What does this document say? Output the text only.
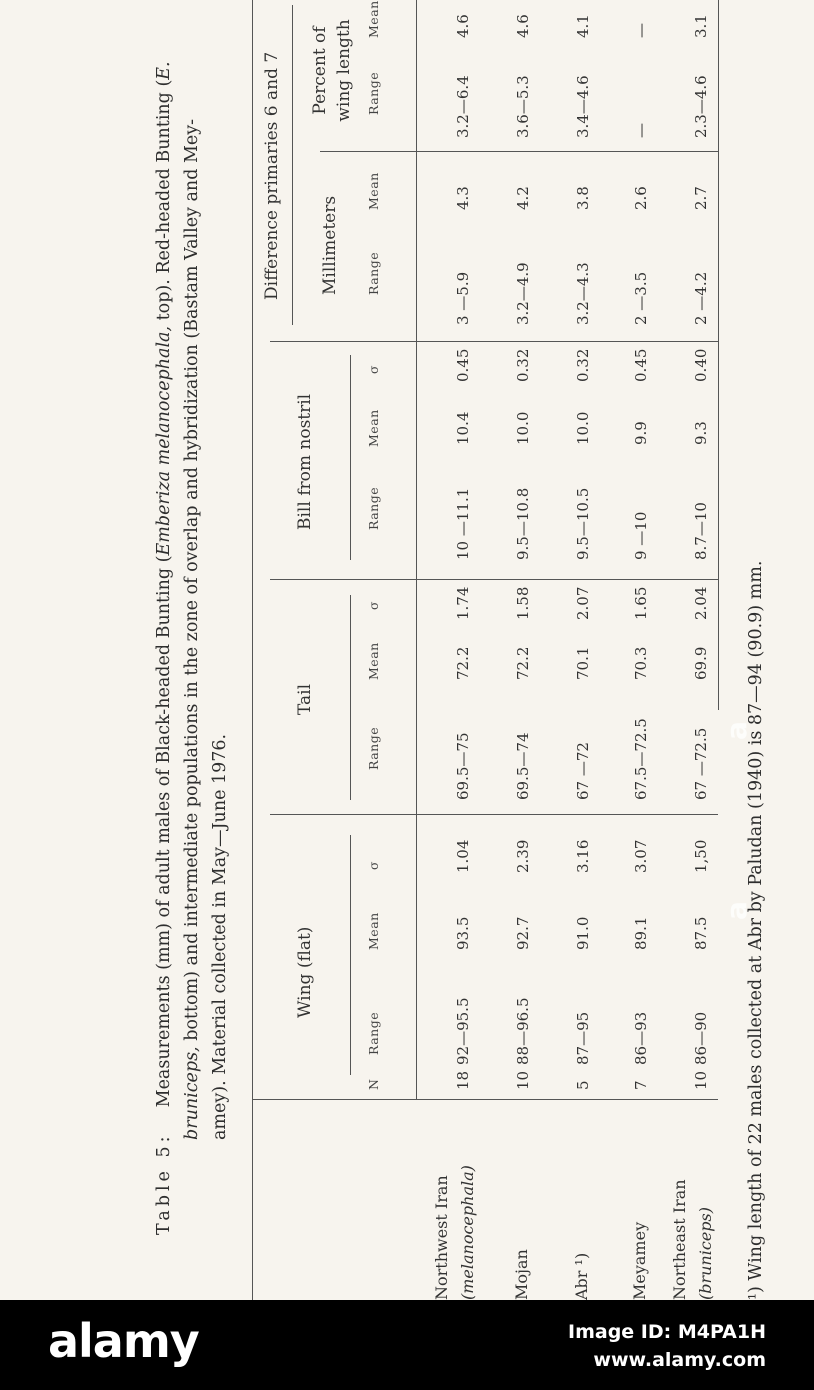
Table 5:  Measurements (mm) of adult males of Black-headed Bunting (Emberiza melanocephala, top). Red-headed Bunting (E.
bruniceps, bottom) and intermediate populations in the zone of overlap and hybridization (Bastam Valley and Mey- amey). Material collected in May—June 1976.	Wing (flat)
Tail
Bill from nostril
Difference primaries 6 and 7 Millimeters
Percent of wing length
N
Range
Mean
σ
Range
Mean
σ
Range
Mean
σ
Range
Mean
Range
Mean
Northwest Iran (melanocephala)
18
92—95.5
93.5
1.04
69.5—75
72.2
1.74
10 —11.1
10.4
0.45
3 —5.9
4.3
3.2—6.4
4.6
Mojan
10
88—96.5
92.7
2.39
69.5—74
72.2
1.58
9.5—10.8
10.0
0.32
3.2—4.9
4.2
3.6—5.3
4.6
Abr ¹)
5
87—95
91.0
3.16
67 —72
70.1
2.07
9.5—10.5
10.0
0.32
3.2—4.3
3.8
3.4—4.6
4.1
Meyamey
7
86—93
89.1
3.07
67.5—72.5
70.3
1.65
9 —10
9.9
0.45
2 —3.5
2.6
—
—
Northeast Iran (bruniceps)
10
86—90
87.5
1,50
67 —72.5
69.9
2.04
8.7—10
9.3
0.40
2 —4.2
2.7
2.3—4.6
3.1
¹) Wing length of 22 males collected at Abr by Paludan (1940) is 87—94 (90.9) mm.
a
a
alamy	Image ID: M4PA1H
www.alamy.com
